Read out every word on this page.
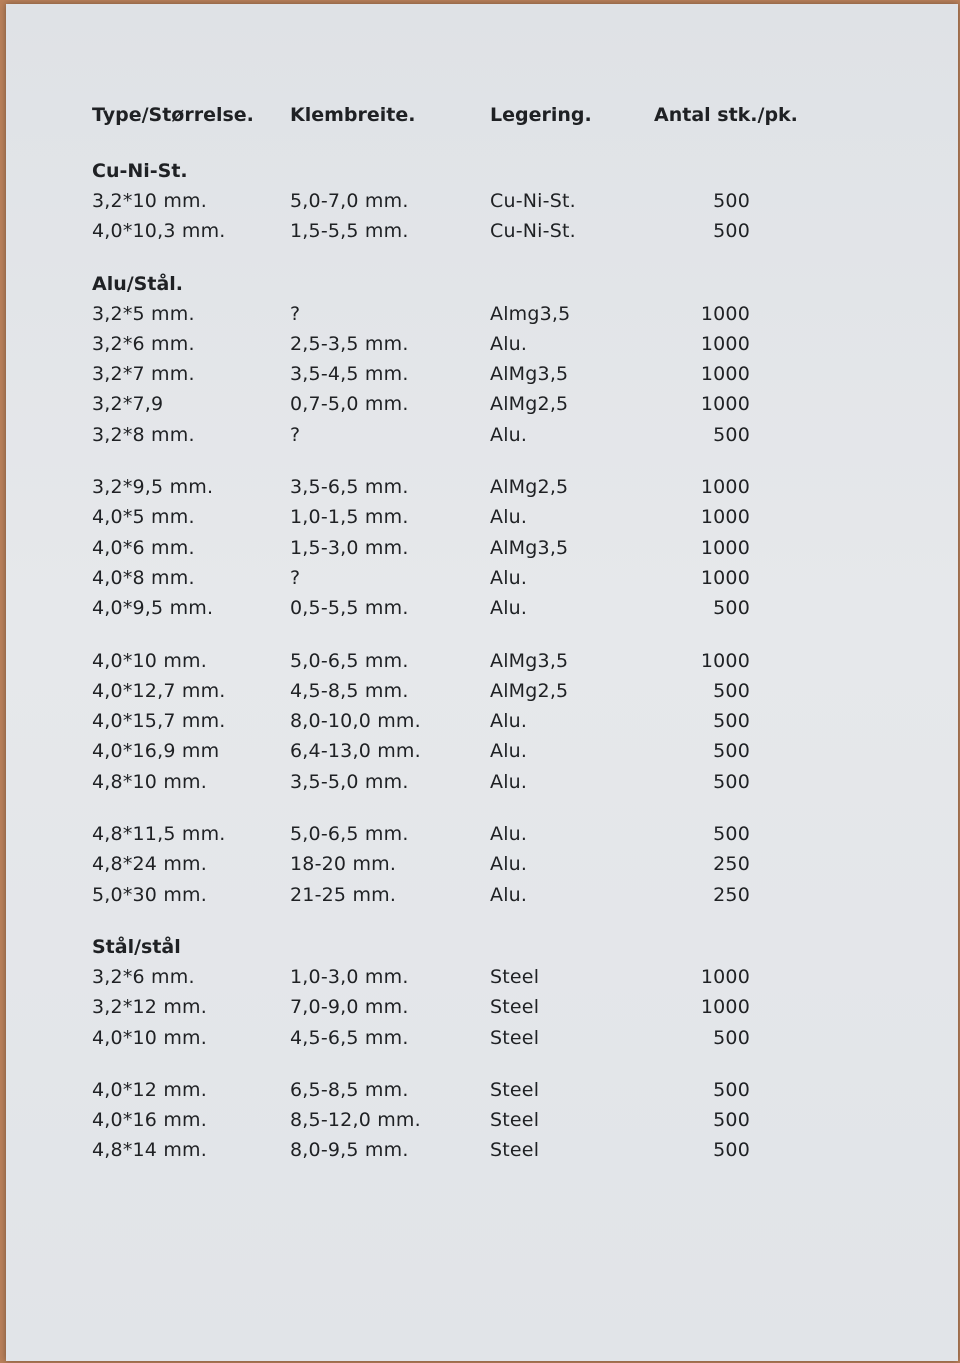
Type/Størrelse.	Klembreite.	Legering.	Antal stk./pk.
Cu-Ni-St.
3,2*10 mm.	5,0-7,0 mm.	Cu-Ni-St.	500
4,0*10,3 mm.	1,5-5,5 mm.	Cu-Ni-St.	500
Alu/Stål.
3,2*5 mm.	?	Almg3,5	1000
3,2*6 mm.	2,5-3,5 mm.	Alu.	1000
3,2*7 mm.	3,5-4,5 mm.	AlMg3,5	1000
3,2*7,9	0,7-5,0 mm.	AlMg2,5	1000
3,2*8 mm.	?	Alu.	500
3,2*9,5 mm.	3,5-6,5 mm.	AlMg2,5	1000
4,0*5 mm.	1,0-1,5 mm.	Alu.	1000
4,0*6 mm.	1,5-3,0 mm.	AlMg3,5	1000
4,0*8 mm.	?	Alu.	1000
4,0*9,5 mm.	0,5-5,5 mm.	Alu.	500
4,0*10 mm.	5,0-6,5 mm.	AlMg3,5	1000
4,0*12,7 mm.	4,5-8,5 mm.	AlMg2,5	500
4,0*15,7 mm.	8,0-10,0 mm.	Alu.	500
4,0*16,9 mm	6,4-13,0 mm.	Alu.	500
4,8*10 mm.	3,5-5,0 mm.	Alu.	500
4,8*11,5 mm.	5,0-6,5 mm.	Alu.	500
4,8*24 mm.	18-20 mm.	Alu.	250
5,0*30 mm.	21-25 mm.	Alu.	250
Stål/stål
3,2*6 mm.	1,0-3,0 mm.	Steel	1000
3,2*12 mm.	7,0-9,0 mm.	Steel	1000
4,0*10 mm.	4,5-6,5 mm.	Steel	500
4,0*12 mm.	6,5-8,5 mm.	Steel	500
4,0*16 mm.	8,5-12,0 mm.	Steel	500
4,8*14 mm.	8,0-9,5 mm.	Steel	500
